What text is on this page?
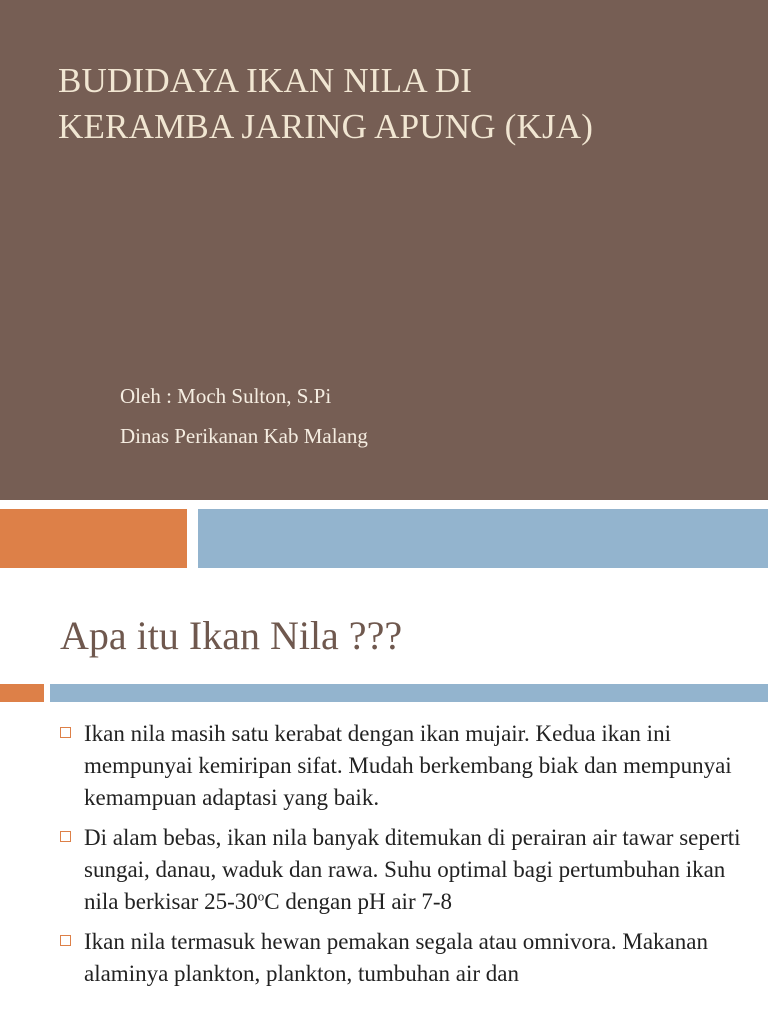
BUDIDAYA IKAN NILA DI
KERAMBA JARING APUNG (KJA)
Oleh : Moch Sulton, S.Pi
Dinas Perikanan Kab Malang
Apa itu Ikan Nila ???
Ikan nila masih satu kerabat dengan ikan mujair. Kedua ikan ini mempunyai kemiripan sifat. Mudah berkembang biak dan mempunyai kemampuan adaptasi yang baik.
Di alam bebas, ikan nila banyak ditemukan di perairan air tawar seperti sungai, danau, waduk dan rawa. Suhu optimal bagi pertumbuhan ikan nila berkisar 25-30$^o$C dengan pH air 7-8
Ikan nila termasuk hewan pemakan segala atau omnivora. Makanan alaminya plankton, plankton, tumbuhan air dan
